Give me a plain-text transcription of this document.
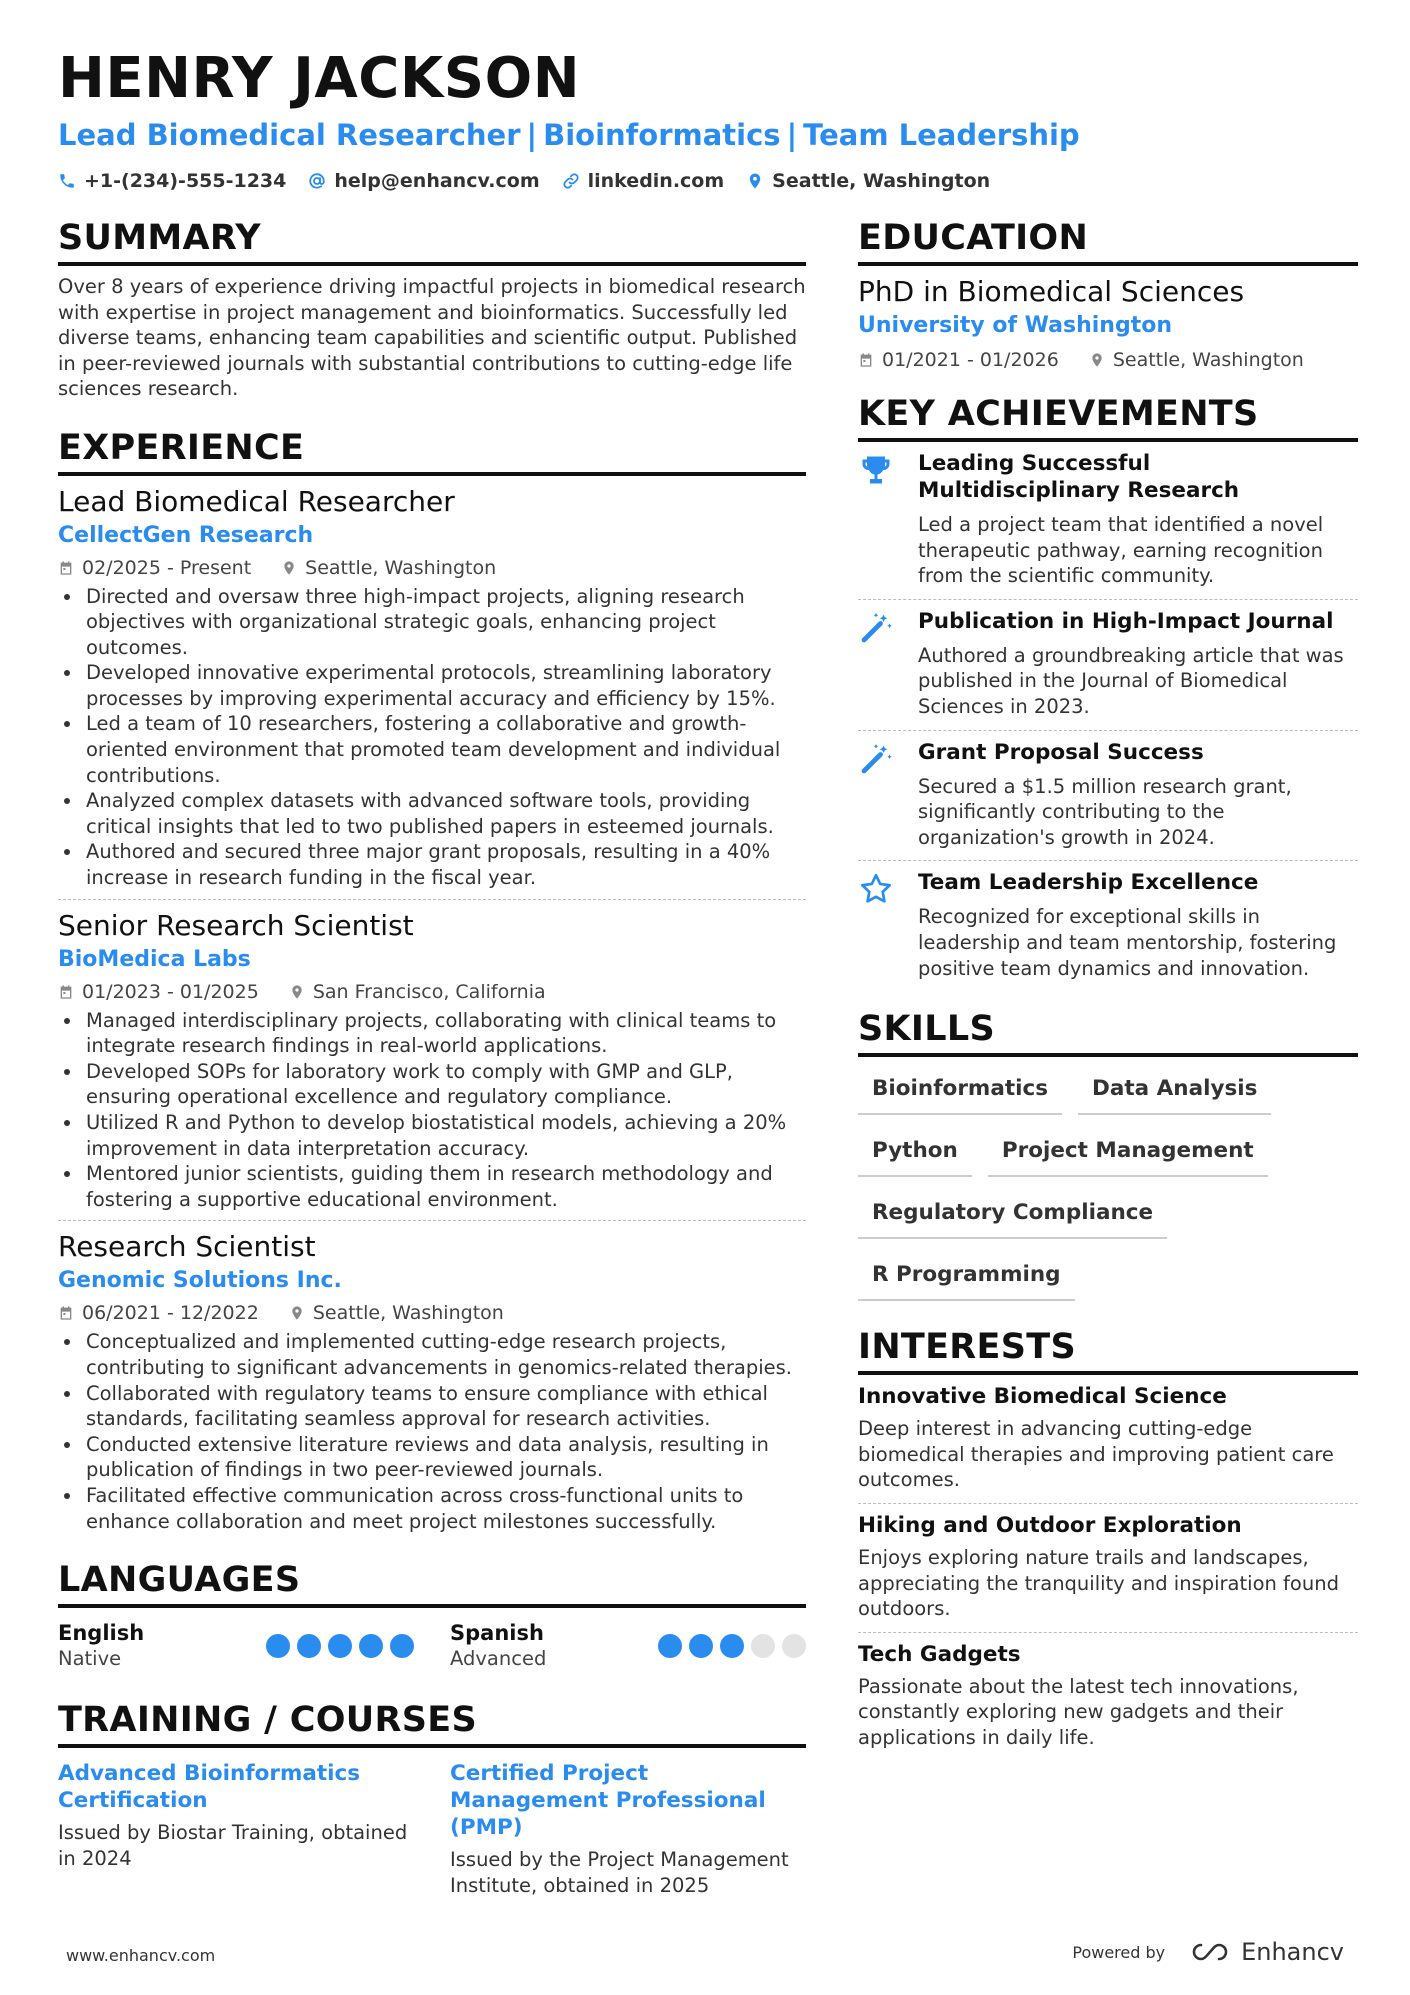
HENRY JACKSON
Lead Biomedical Researcher | Bioinformatics | Team Leadership
+1-(234)-555-1234	help@enhancv.com	linkedin.com	Seattle, Washington
SUMMARY

Over 8 years of experience driving impactful projects in biomedical research with expertise in project management and bioinformatics. Successfully led diverse teams, enhancing team capabilities and scientific output. Published in peer-reviewed journals with substantial contributions to cutting-edge life sciences research.

EXPERIENCE
Lead Biomedical Researcher
CellectGen Research
02/2025 - Present	Seattle, Washington
Directed and oversaw three high-impact projects, aligning research objectives with organizational strategic goals, enhancing project outcomes.
Developed innovative experimental protocols, streamlining laboratory processes by improving experimental accuracy and efficiency by 15%.
Led a team of 10 researchers, fostering a collaborative and growth-oriented environment that promoted team development and individual contributions.
Analyzed complex datasets with advanced software tools, providing critical insights that led to two published papers in esteemed journals.
Authored and secured three major grant proposals, resulting in a 40% increase in research funding in the fiscal year.
Senior Research Scientist
BioMedica Labs
01/2023 - 01/2025	San Francisco, California
Managed interdisciplinary projects, collaborating with clinical teams to integrate research findings in real-world applications.
Developed SOPs for laboratory work to comply with GMP and GLP, ensuring operational excellence and regulatory compliance.
Utilized R and Python to develop biostatistical models, achieving a 20% improvement in data interpretation accuracy.
Mentored junior scientists, guiding them in research methodology and fostering a supportive educational environment.
Research Scientist
Genomic Solutions Inc.
06/2021 - 12/2022	Seattle, Washington
Conceptualized and implemented cutting-edge research projects, contributing to significant advancements in genomics-related therapies.
Collaborated with regulatory teams to ensure compliance with ethical standards, facilitating seamless approval for research activities.
Conducted extensive literature reviews and data analysis, resulting in publication of findings in two peer-reviewed journals.
Facilitated effective communication across cross-functional units to enhance collaboration and meet project milestones successfully.
LANGUAGES
English
Native
Spanish
Advanced
TRAINING / COURSES
Advanced Bioinformatics Certification
Issued by Biostar Training, obtained in 2024
Certified Project Management Professional (PMP)
Issued by the Project Management Institute, obtained in 2025
EDUCATION
PhD in Biomedical Sciences
University of Washington
01/2021 - 01/2026	Seattle, Washington
KEY ACHIEVEMENTS
Leading Successful Multidisciplinary Research
Led a project team that identified a novel therapeutic pathway, earning recognition from the scientific community.
Publication in High-Impact Journal
Authored a groundbreaking article that was published in the Journal of Biomedical Sciences in 2023.
Grant Proposal Success
Secured a $1.5 million research grant, significantly contributing to the organization's growth in 2024.
Team Leadership Excellence
Recognized for exceptional skills in leadership and team mentorship, fostering positive team dynamics and innovation.
SKILLS
Bioinformatics	Data Analysis
Python	Project Management
Regulatory Compliance
R Programming
INTERESTS
Innovative Biomedical Science
Deep interest in advancing cutting-edge biomedical therapies and improving patient care outcomes.
Hiking and Outdoor Exploration
Enjoys exploring nature trails and landscapes, appreciating the tranquility and inspiration found outdoors.
Tech Gadgets
Passionate about the latest tech innovations, constantly exploring new gadgets and their applications in daily life.
www.enhancv.com	Powered by	Enhancv
